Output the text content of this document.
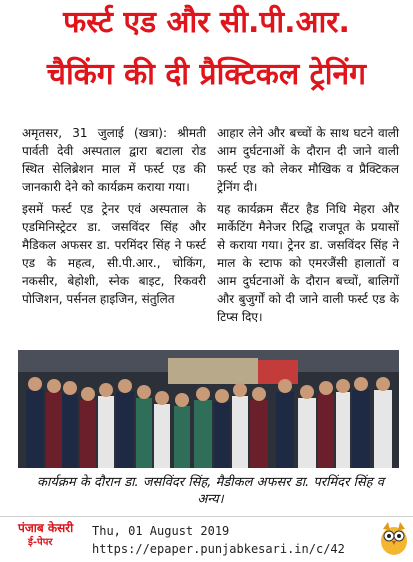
फर्स्ट एड और सी.पी.आर.
चैकिंग की दी प्रैक्टिकल ट्रेनिंग

अमृतसर, 31 जुलाई (खत्रा): श्रीमती पार्वती देवी अस्पताल द्वारा बटाला रोड स्थित सेलिब्रेशन माल में फर्स्ट एड की जानकारी देने को कार्यक्रम कराया गया।

इसमें फर्स्ट एड ट्रेनर एवं अस्पताल के एडमिनिस्ट्रेटर डा. जसविंदर सिंह और मैडिकल अफसर डा. परमिंदर सिंह ने फर्स्ट एड के महत्व, सी.पी.आर., चोकिंग, नकसीर, बेहोशी, स्नेक बाइट, रिकवरी पोजिशन, पर्सनल हाइजिन, संतुलित

आहार लेने और बच्चों के साथ घटने वाली आम दुर्घटनाओं के दौरान दी जाने वाली फर्स्ट एड को लेकर मौखिक व प्रैक्टिकल ट्रेनिंग दी।

यह कार्यक्रम सैंटर हैड निधि मेहरा और मार्केटिंग मैनेजर रिद्धि राजपूत के प्रयासों से कराया गया। ट्रेनर डा. जसविंदर सिंह ने माल के स्टाफ को एमरजैंसी हालातों व आम दुर्घटनाओं के दौरान बच्चों, बालिगों और बुजुर्गों को दी जाने वाली फर्स्ट एड के टिप्स दिए।

कार्यक्रम के दौरान डा. जसविंदर सिंह, मैडीकल अफसर डा. परमिंदर सिंह व अन्य।
पंजाब केसरी
ई-पेपर
Thu, 01 August 2019
https://epaper.punjabkesari.in/c/42
